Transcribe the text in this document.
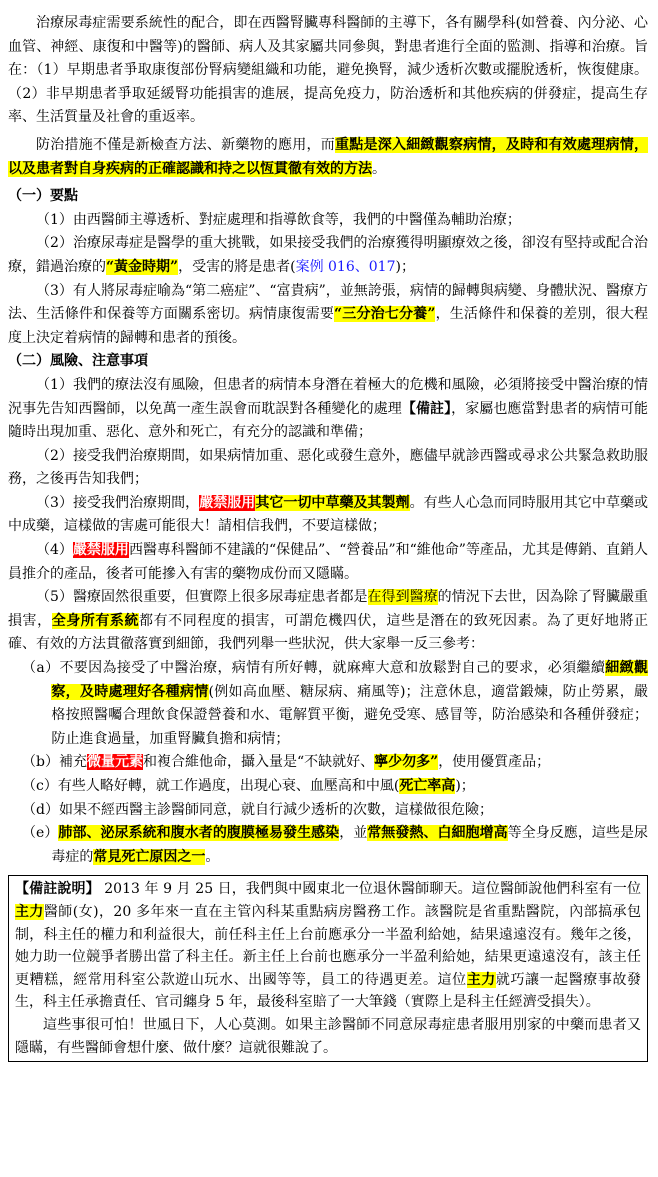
治療尿毒症需要系統性的配合，即在西醫腎臟專科醫師的主導下，各有關學科(如營養、內分泌、心血管、神經、康復和中醫等)的醫師、病人及其家屬共同參與，對患者進行全面的監測、指導和治療。旨在：（1）早期患者爭取康復部份腎病變組織和功能，避免換腎，減少透析次數或擺脫透析，恢復健康。（2）非早期患者爭取延緩腎功能損害的進展，提高免疫力，防治透析和其他疾病的併發症，提高生存率、生活質量及社會的重返率。

防治措施不僅是新檢查方法、新藥物的應用，而重點是深入細緻觀察病情，及時和有效處理病情，以及患者對自身疾病的正確認識和持之以恆貫徹有效的方法。

（一）要點

（1）由西醫師主導透析、對症處理和指導飲食等，我們的中醫僅為輔助治療；

（2）治療尿毒症是醫學的重大挑戰，如果接受我們的治療獲得明顯療效之後，卻沒有堅持或配合治療，錯過治療的“黃金時期”，受害的將是患者(案例 016、017)；

（3）有人將尿毒症喻為“第二癌症”、“富貴病”，並無誇張，病情的歸轉與病變、身體狀況、醫療方法、生活條件和保養等方面關系密切。病情康復需要“三分治七分養”，生活條件和保養的差別，很大程度上決定着病情的歸轉和患者的預後。

（二）風險、注意事項

（1）我們的療法沒有風險，但患者的病情本身潛在着極大的危機和風險，必須將接受中醫治療的情況事先告知西醫師，以免萬一產生誤會而耽誤對各種變化的處理【備註】，家屬也應當對患者的病情可能隨時出現加重、惡化、意外和死亡，有充分的認識和準備；

（2）接受我們治療期間，如果病情加重、惡化或發生意外，應儘早就診西醫或尋求公共緊急救助服務，之後再告知我們；

（3）接受我們治療期間，嚴禁服用其它一切中草藥及其製劑。有些人心急而同時服用其它中草藥或中成藥，這樣做的害處可能很大！請相信我們，不要這樣做；

（4）嚴禁服用西醫專科醫師不建議的“保健品”、“營養品”和“維他命”等產品，尤其是傳銷、直銷人員推介的產品，後者可能摻入有害的藥物成份而又隱瞞。

（5）醫療固然很重要，但實際上很多尿毒症患者都是在得到醫療的情況下去世，因為除了腎臟嚴重損害，全身所有系統都有不同程度的損害，可謂危機四伏，這些是潛在的致死因素。為了更好地將正確、有效的方法貫徹落實到細節，我們列舉一些狀況，供大家舉一反三參考：

（a）不要因為接受了中醫治療，病情有所好轉，就麻痺大意和放鬆對自己的要求，必須繼續細緻觀察，及時處理好各種病情(例如高血壓、糖尿病、痛風等)；注意休息，適當鍛煉，防止勞累，嚴格按照醫囑合理飲食保證營養和水、電解質平衡，避免受寒、感冒等，防治感染和各種併發症；防止進食過量，加重腎臟負擔和病情；

（b）補充微量元素和複合維他命，攝入量是“不缺就好、寧少勿多”，使用優質產品；

（c）有些人略好轉，就工作過度，出現心衰、血壓高和中風(死亡率高)；

（d）如果不經西醫主診醫師同意，就自行減少透析的次數，這樣做很危險；

（e）肺部、泌尿系統和腹水者的腹膜極易發生感染，並常無發熱、白細胞增高等全身反應，這些是尿毒症的常見死亡原因之一。

【備註說明】 2013 年 9 月 25 日，我們與中國東北一位退休醫師聊天。這位醫師說他們科室有一位主力醫師(女)，20 多年來一直在主管內科某重點病房醫務工作。該醫院是省重點醫院，內部搞承包制，科主任的權力和利益很大，前任科主任上台前應承分一半盈利給她，結果遠遠沒有。幾年之後，她力助一位競爭者勝出當了科主任。新主任上台前也應承分一半盈利給她，結果更遠遠沒有，該主任更糟糕，經常用科室公款遊山玩水、出國等等，員工的待遇更差。這位主力就巧讓一起醫療事故發生，科主任承擔責任、官司纏身 5 年，最後科室賠了一大筆錢（實際上是科主任經濟受損失）。

這些事很可怕！世風日下，人心莫測。如果主診醫師不同意尿毒症患者服用別家的中藥而患者又隱瞞，有些醫師會想什麼、做什麼？這就很難說了。
